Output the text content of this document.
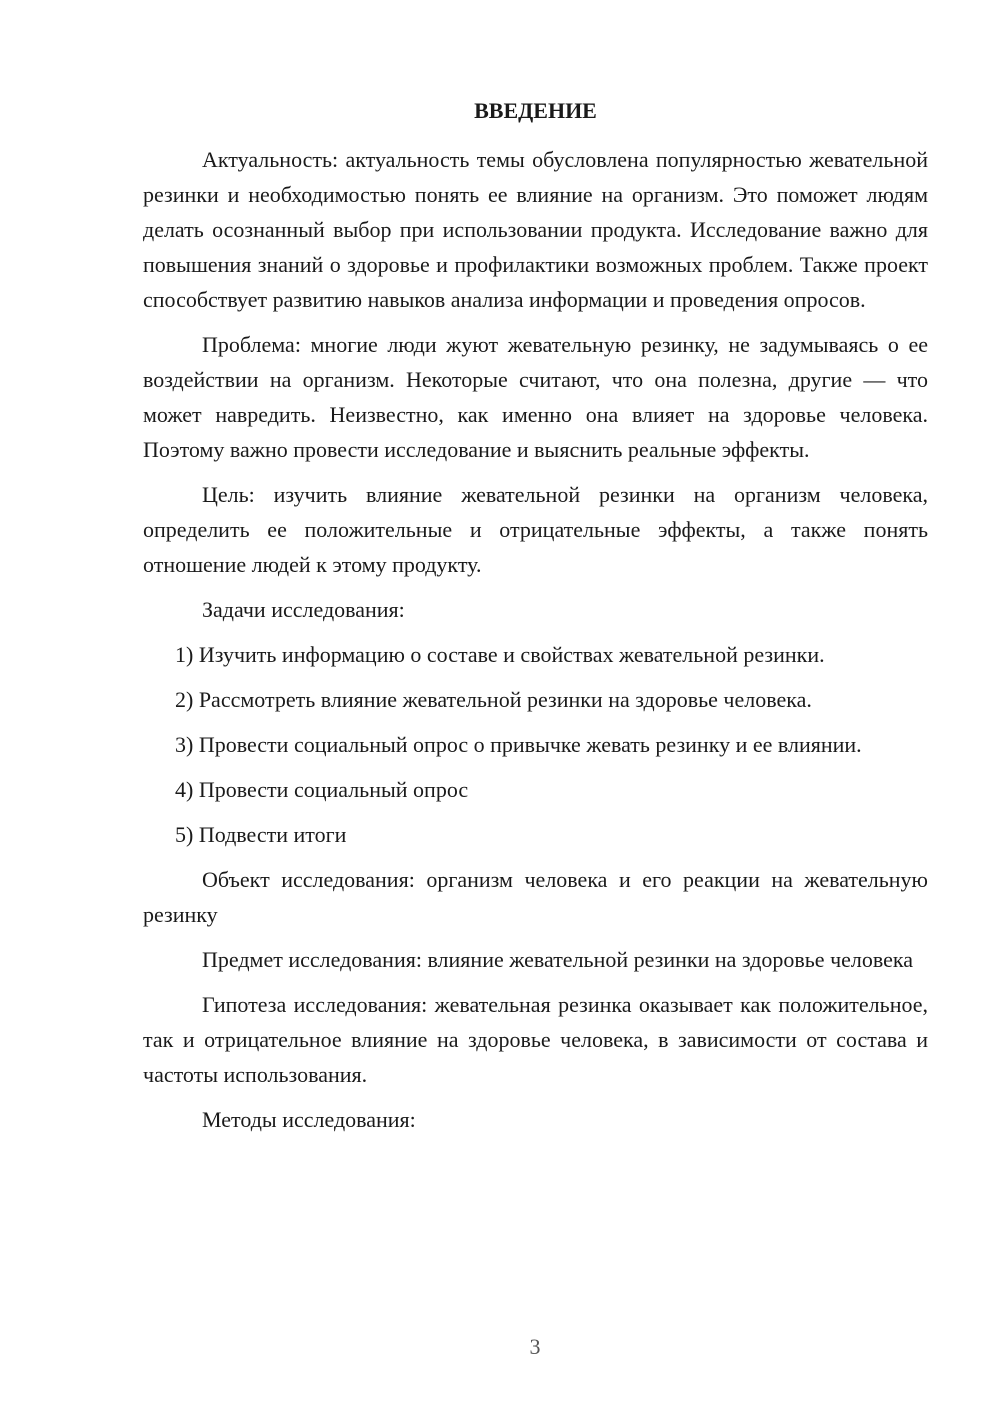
ВВЕДЕНИЕ

Актуальность: актуальность темы обусловлена популярностью жевательной резинки и необходимостью понять ее влияние на организм. Это поможет людям делать осознанный выбор при использовании продукта. Исследование важно для повышения знаний о здоровье и профилактики возможных проблем. Также проект способствует развитию навыков анализа информации и проведения опросов.

Проблема: многие люди жуют жевательную резинку, не задумываясь о ее воздействии на организм. Некоторые считают, что она полезна, другие — что может навредить. Неизвестно, как именно она влияет на здоровье человека. Поэтому важно провести исследование и выяснить реальные эффекты.

Цель: изучить влияние жевательной резинки на организм человека, определить ее положительные и отрицательные эффекты, а также понять отношение людей к этому продукту.

Задачи исследования:

1) Изучить информацию о составе и свойствах жевательной резинки.

2) Рассмотреть влияние жевательной резинки на здоровье человека.

3) Провести социальный опрос о привычке жевать резинку и ее влиянии.

4) Провести социальный опрос

5) Подвести итоги

Объект исследования: организм человека и его реакции на жевательную резинку

Предмет исследования: влияние жевательной резинки на здоровье человека

Гипотеза исследования: жевательная резинка оказывает как положительное, так и отрицательное влияние на здоровье человека, в зависимости от состава и частоты использования.

Методы исследования:

3
